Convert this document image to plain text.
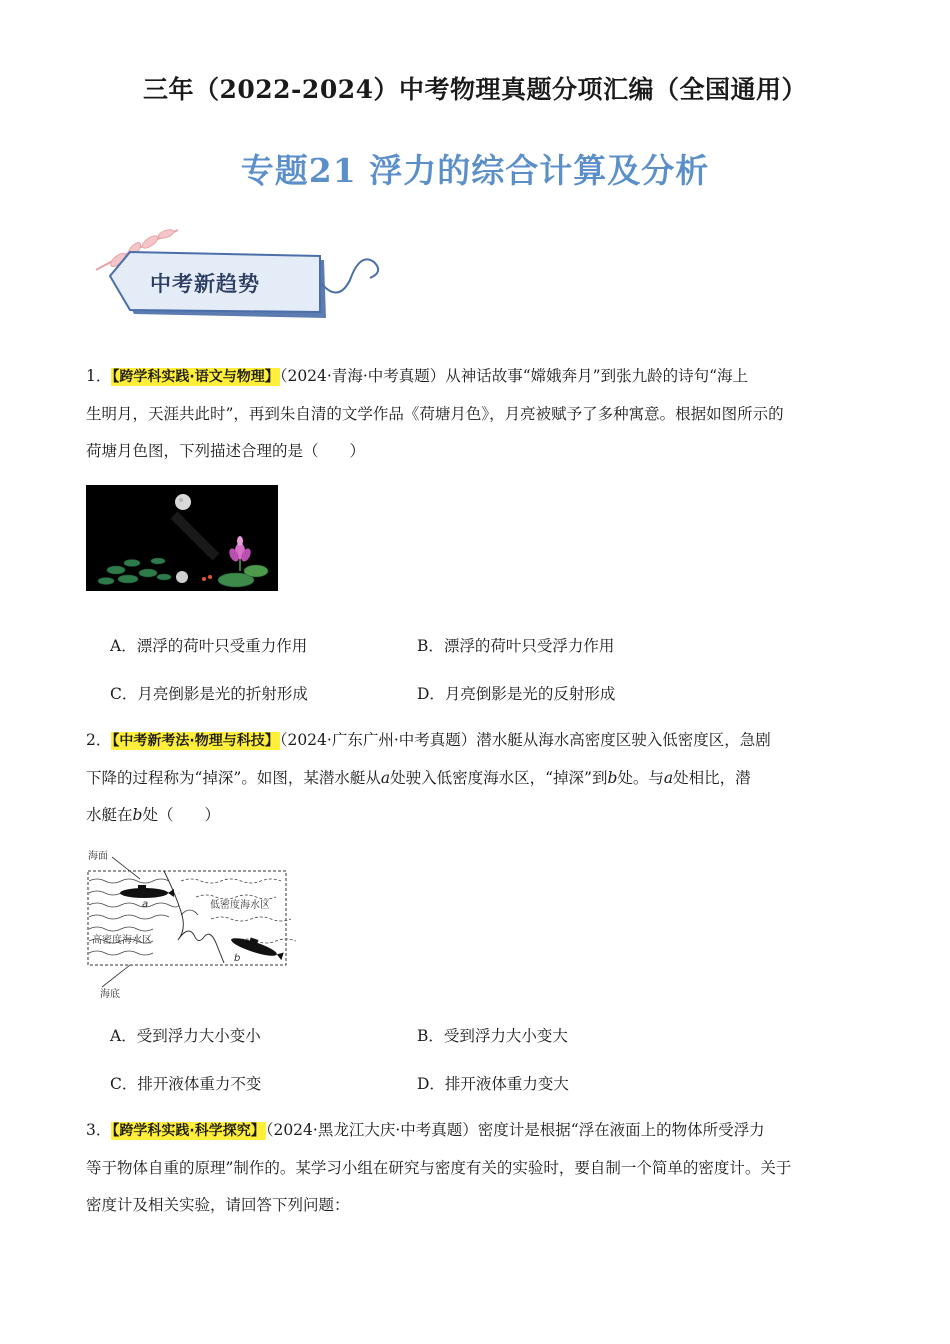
三年（2022-2024）中考物理真题分项汇编（全国通用）
专题21 浮力的综合计算及分析
中考新趋势
1．【跨学科实践·语文与物理】（2024·青海·中考真题）从神话故事“嫦娥奔月”到张九龄的诗句“海上
生明月，天涯共此时”，再到朱自清的文学作品《荷塘月色》，月亮被赋予了多种寓意。根据如图所示的
荷塘月色图，下列描述合理的是（　　）
A．漂浮的荷叶只受重力作用	B．漂浮的荷叶只受浮力作用
C．月亮倒影是光的折射形成	D．月亮倒影是光的反射形成
2．【中考新考法·物理与科技】（2024·广东广州·中考真题）潜水艇从海水高密度区驶入低密度区，急剧
下降的过程称为“掉深”。如图，某潜水艇从a处驶入低密度海水区，“掉深”到b处。与a处相比，潜
水艇在b处（　　）
海面
低密度海水区
高密度海水区
海底
a
b
A．受到浮力大小变小	B．受到浮力大小变大
C．排开液体重力不变	D．排开液体重力变大
3．【跨学科实践·科学探究】（2024·黑龙江大庆·中考真题）密度计是根据“浮在液面上的物体所受浮力
等于物体自重的原理”制作的。某学习小组在研究与密度有关的实验时，要自制一个简单的密度计。关于
密度计及相关实验，请回答下列问题：
